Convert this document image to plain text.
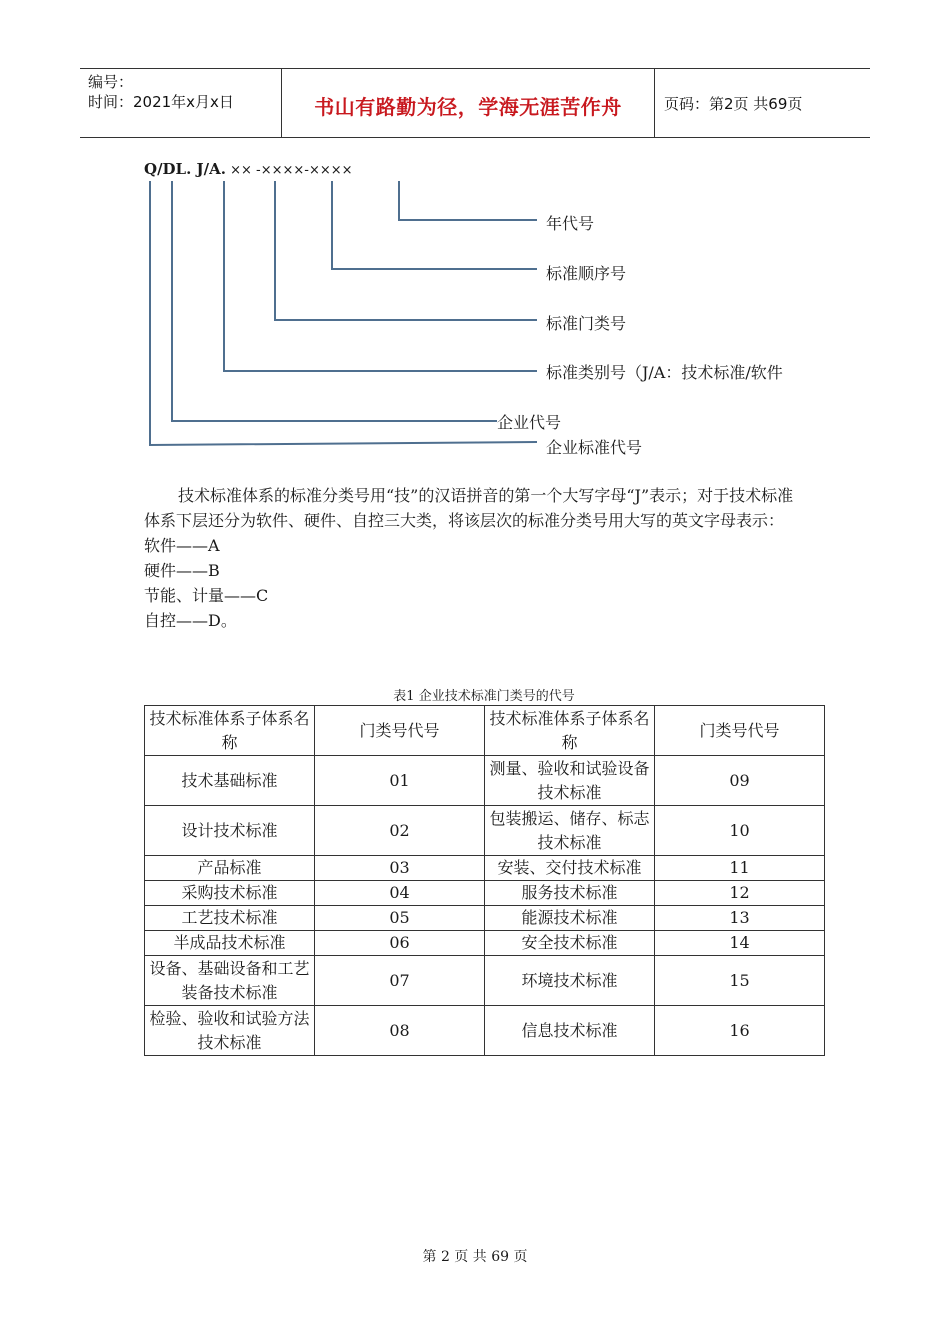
编号：
时间：2021年x月x日	书山有路勤为径，学海无涯苦作舟	页码：第2页 共69页
Q/DL. J/A. ×× -××××-××××
年代号
标准顺序号
标准门类号
标准类别号（J/A：技术标准/软件
企业代号
企业标准代号

技术标准体系的标准分类号用“技”的汉语拼音的第一个大写字母“J”表示；对于技术标准体系下层还分为软件、硬件、自控三大类，将该层次的标准分类号用大写的英文字母表示：

软件——A

硬件——B

节能、计量——C

自控——D。

表1 企业技术标准门类号的代号
技术标准体系子体系名称	门类号代号	技术标准体系子体系名称	门类号代号
技术基础标准	01	测量、验收和试验设备技术标准	09
设计技术标准	02	包装搬运、储存、标志技术标准	10
产品标准	03	安装、交付技术标准	11
采购技术标准	04	服务技术标准	12
工艺技术标准	05	能源技术标准	13
半成品技术标准	06	安全技术标准	14
设备、基础设备和工艺装备技术标准	07	环境技术标准	15
检验、验收和试验方法技术标准	08	信息技术标准	16
第 2 页 共 69 页
